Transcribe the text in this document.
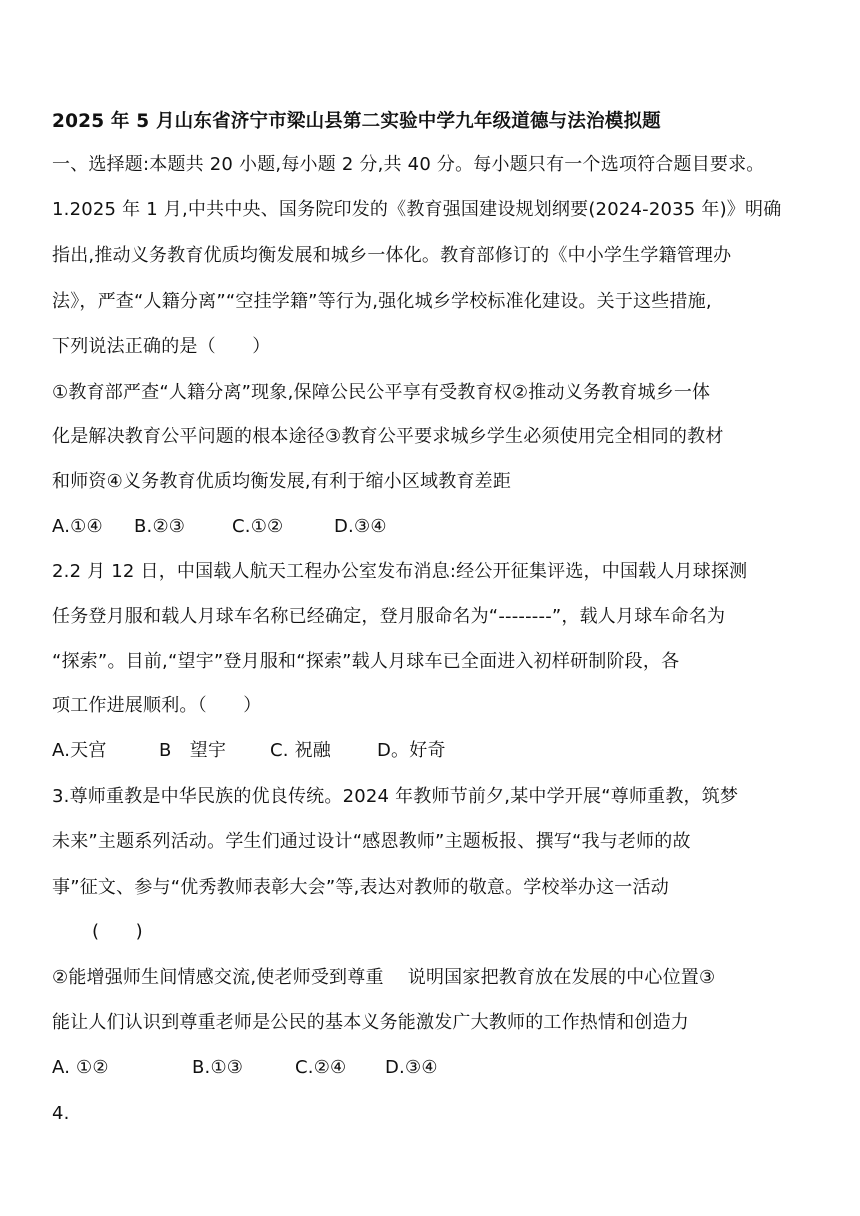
2025 年 5 月山东省济宁市梁山县第二实验中学九年级道德与法治模拟题
一、选择题:本题共 20 小题,每小题 2 分,共 40 分。每小题只有一个选项符合题目要求。
1.2025 年 1 月,中共中央、国务院印发的《教育强国建设规划纲要(2024-2035 年)》明确
指出,推动义务教育优质均衡发展和城乡一体化。教育部修订的《中小学生学籍管理办
法》，严查“人籍分离”“空挂学籍”等行为,强化城乡学校标准化建设。关于这些措施,
下列说法正确的是（　　）
①教育部严查“人籍分离”现象,保障公民公平享有受教育权②推动义务教育城乡一体
化是解决教育公平问题的根本途径③教育公平要求城乡学生必须使用完全相同的教材
和师资④义务教育优质均衡发展,有利于缩小区域教育差距
A.①④ B.②③	C.①②	D.③④
2.2 月 12 日，中国载人航天工程办公室发布消息:经公开征集评选，中国载人月球探测
任务登月服和载人月球车名称已经确定，登月服命名为“--------”，载人月球车命名为
“探索”。目前,“望宇”登月服和“探索”载人月球车已全面进入初样研制阶段，各
项工作进展顺利。（　　）
A.天宫	B　望宇 C. 祝融	D。好奇
3.尊师重教是中华民族的优良传统。2024 年教师节前夕,某中学开展“尊师重教，筑梦
未来”主题系列活动。学生们通过设计“感恩教师”主题板报、撰写“我与老师的故
事”征文、参与“优秀教师表彰大会”等,表达对教师的敬意。学校举办这一活动
(　　)
②能增强师生间情感交流,使老师受到尊重　 说明国家把教育放在发展的中心位置③
能让人们认识到尊重老师是公民的基本义务能激发广大教师的工作热情和创造力
A. ①②	B.①③	C.②④ D.③④
4.
